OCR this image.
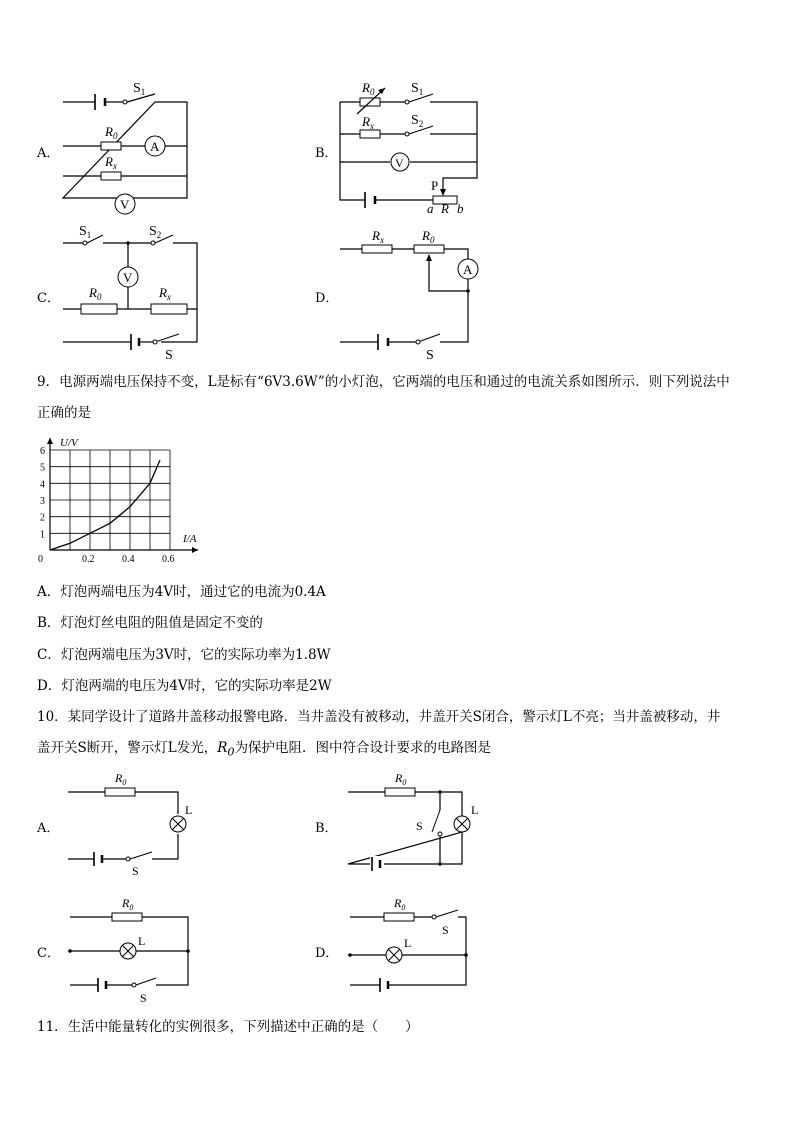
A．	B．
C．	D．
$S_1$
$R_0$
A
$R_x$
V
$R_0$	$S_1$
$R_x$	$S_2$
V
P
a R b
$S_1$	$S_2$
V
$R_0$	$R_x$
S
$R_x$	$R_0$
A
S
9．电源两端电压保持不变，L是标有“6V3.6W”的小灯泡，它两端的电压和通过的电流关系如图所示．则下列说法中
正确的是
U/V
I/A
1
2
3
4
5
6
0	0.2	0.4	0.6
A．灯泡两端电压为4V时，通过它的电流为0.4A
B．灯泡灯丝电阻的阻值是固定不变的
C．灯泡两端电压为3V时，它的实际功率为1.8W
D．灯泡两端的电压为4V时，它的实际功率是2W
10．某同学设计了道路井盖移动报警电路．当井盖没有被移动，井盖开关S闭合，警示灯L不亮；当井盖被移动，井
盖开关S断开，警示灯L发光，$R_0$为保护电阻．图中符合设计要求的电路图是
A．	B．
C．	D．
$R_0$
L
S
$R_0$
S
L
$R_0$
L
S
$R_0$
S
L
11．生活中能量转化的实例很多，下列描述中正确的是（　　）
